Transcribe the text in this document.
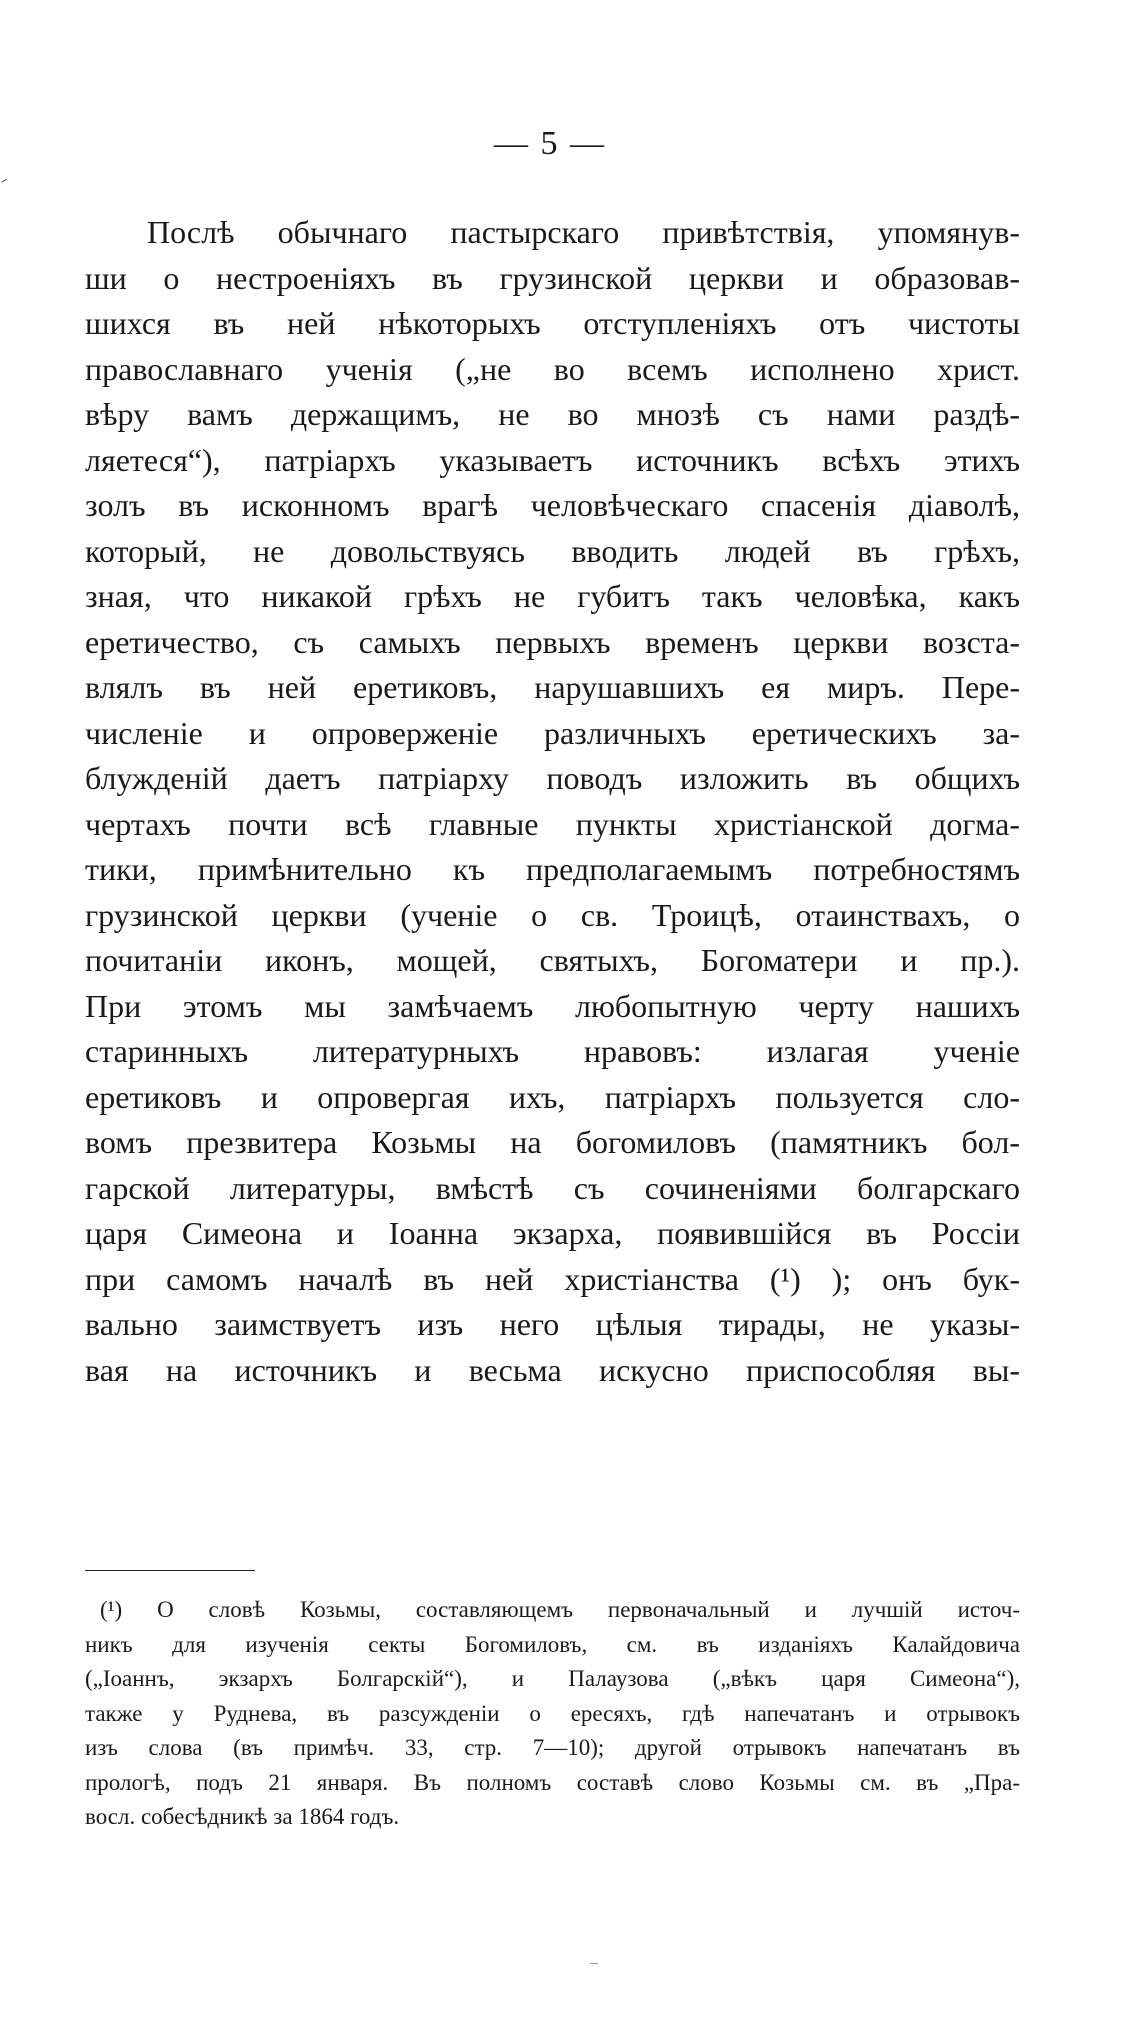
— 5 —
Послѣ обычнаго пастырскаго привѣтствія, упомянув-
ши о нестроеніяхъ въ грузинской церкви и образовав-
шихся въ ней нѣкоторыхъ отступленіяхъ отъ чистоты
православнаго ученія („не во всемъ исполнено христ.
вѣру вамъ держащимъ, не во мнозѣ съ нами раздѣ-
ляетеся“), патріархъ указываетъ источникъ всѣхъ этихъ
золъ въ исконномъ врагѣ человѣческаго спасенія діаволѣ,
который, не довольствуясь вводить людей въ грѣхъ,
зная, что никакой грѣхъ не губитъ такъ человѣка, какъ
еретичество, съ самыхъ первыхъ временъ церкви возста-
влялъ въ ней еретиковъ, нарушавшихъ ея миръ. Пере-
численіе и опроверженіе различныхъ еретическихъ за-
блужденій даетъ патріарху поводъ изложить въ общихъ
чертахъ почти всѣ главные пункты христіанской догма-
тики, примѣнительно къ предполагаемымъ потребностямъ
грузинской церкви (ученіе о св. Троицѣ, отаинствахъ, о
почитаніи иконъ, мощей, святыхъ, Богоматери и пр.).
При этомъ мы замѣчаемъ любопытную черту нашихъ
старинныхъ литературныхъ нравовъ: излагая ученіе
еретиковъ и опровергая ихъ, патріархъ пользуется сло-
вомъ презвитера Козьмы на богомиловъ (памятникъ бол-
гарской литературы, вмѣстѣ съ сочиненіями болгарскаго
царя Симеона и Іоанна экзарха, появившійся въ Россіи
при самомъ началѣ въ ней христіанства (¹) ); онъ бук-
вально заимствуетъ изъ него цѣлыя тирады, не указы-
вая на источникъ и весьма искусно приспособляя вы-
(¹) О словѣ Козьмы, составляющемъ первоначальный и лучшій источ-
никъ для изученія секты Богомиловъ, см. въ изданіяхъ Калайдовича
(„Іоаннъ, экзархъ Болгарскій“), и Палаузова („вѣкъ царя Симеона“),
также у Руднева, въ разсужденіи о ересяхъ, гдѣ напечатанъ и отрывокъ
изъ слова (въ примѣч. 33, стр. 7—10); другой отрывокъ напечатанъ въ
прологѣ, подъ 21 января. Въ полномъ составѣ слово Козьмы см. въ „Пра-
восл. собесѣдникѣ за 1864 годъ.
